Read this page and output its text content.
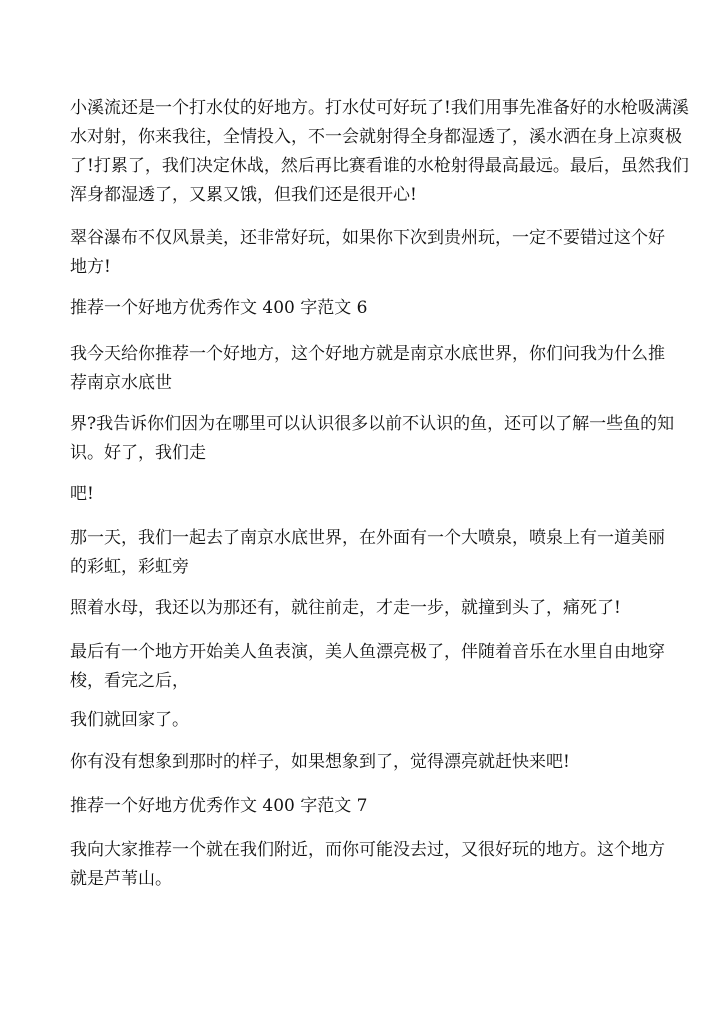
小溪流还是一个打水仗的好地方。打水仗可好玩了!我们用事先准备好的水枪吸满溪水对射，你来我往，全情投入，不一会就射得全身都湿透了，溪水洒在身上凉爽极了!打累了，我们决定休战，然后再比赛看谁的水枪射得最高最远。最后，虽然我们浑身都湿透了，又累又饿，但我们还是很开心!

翠谷瀑布不仅风景美，还非常好玩，如果你下次到贵州玩，一定不要错过这个好地方!

推荐一个好地方优秀作文 400 字范文 6

我今天给你推荐一个好地方，这个好地方就是南京水底世界，你们问我为什么推荐南京水底世

界?我告诉你们因为在哪里可以认识很多以前不认识的鱼，还可以了解一些鱼的知识。好了，我们走

吧!

那一天，我们一起去了南京水底世界，在外面有一个大喷泉，喷泉上有一道美丽的彩虹，彩虹旁

照着水母，我还以为那还有，就往前走，才走一步，就撞到头了，痛死了!

最后有一个地方开始美人鱼表演，美人鱼漂亮极了，伴随着音乐在水里自由地穿梭，看完之后，

我们就回家了。

你有没有想象到那时的样子，如果想象到了，觉得漂亮就赶快来吧!

推荐一个好地方优秀作文 400 字范文 7

我向大家推荐一个就在我们附近，而你可能没去过，又很好玩的地方。这个地方就是芦苇山。
